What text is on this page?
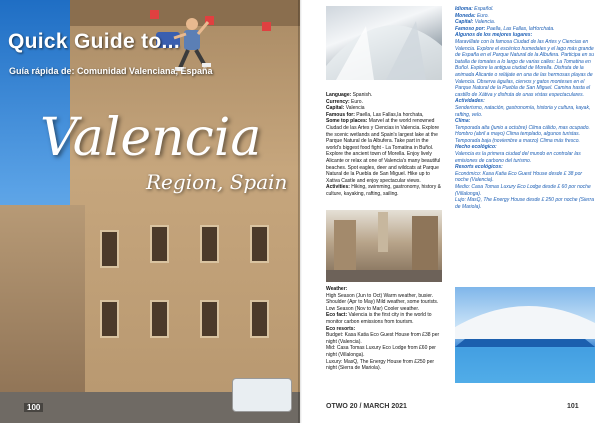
Quick Guide to...
Guía rápida de: Comunidad Valenciana, España
Valencia
Region, Spain
100

Language: Spanish.

Currency: Euro.

Capital: Valencia

Famous for: Paella, Las Fallas,Ia horchata,

Some top places: Marvel at the world renowned Ciudad de las Artes y Ciencias in Valencia. Explore the scenic wetlands and Spain's largest lake at the Parque Natural de la Albufera. Take part in the world's biggest food fight - La Tomatina in Buñol. Explore the ancient town of Morella. Enjoy lively Alicante or relax at one of Valencia's many beautiful beaches. Spot eagles, deer and wildcats at Parque Natural de la Puebla de San Miguel. Hike up to Xativa Castle and enjoy spectacular views.

Activities: Hiking, swimming, gastronomy, history & culture, kayaking, rafting, sailing.

Weather:

High Season (Jun to Oct) Warm weather, busier. Shoulder (Apr to May) Mild weather, some tourists. Low Season (Nov to Mar) Cooler weather.

Eco fact: Valencia is the first city in the world to monitor carbon emissions from tourism.

Eco resorts:

Budget: Kasa Katia Eco Guest House from £38 per night (Valencia).

Mid: Casa Tomas Luxury Eco Lodge from £60 per night (Villalonga).

Luxury: MasQ, The Energy House from £250 per night (Sierra de Mariola).

Idioma: Español.

Moneda: Euro.

Capital: Valencia.

Famoso por: Paella, Las Fallas, laHorchata.

Algunos de los mejores lugares:

Maravíllate con la famosa Ciudad de las Artes y Ciencias en Valencia. Explore el escénico humedales y el lago más grande de España en el Parque Natural de la Albufera. Participa en su batalla de tomates a lo largo de varias calles: La Tomatina en Buñol. Explore la antigua ciudad de Morella. Disfruta de la animada Alicante o relájate en una de las hermosas playas de Valencia. Observa águilas, ciervos y gatos monteses en el Parque Natural de la Puebla de San Miguel. Camina hasta el castillo de Xátiva y disfruta de unas vistas espectaculares.

Actividades:

Senderismo, natación, gastronomía, historia y cultura, kayak, rafting, velo.

Clima:

Temporada alta (junio a octubre) Clima cálido, mas ocupado. Hombro (abril a mayo) Clima templado, algunos turistas. Temporada baja (noviembre a marzo) Clima más fresco.

Hecho ecológico:

Valencia es la primera ciudad del mundo en controlar las emisiones de carbono del turismo.

Resorts ecológicos:

Económico: Kasa Katia Eco Guest House desde £ 38 por noche (Valencia).

Medio: Casa Tomas Luxury Eco Lodge desde £ 60 por noche (Villalonga).

Lujo: MasQ, The Energy House desde £ 250 por noche (Sierra de Mariola).

OTWO 20 / MARCH 2021	101
